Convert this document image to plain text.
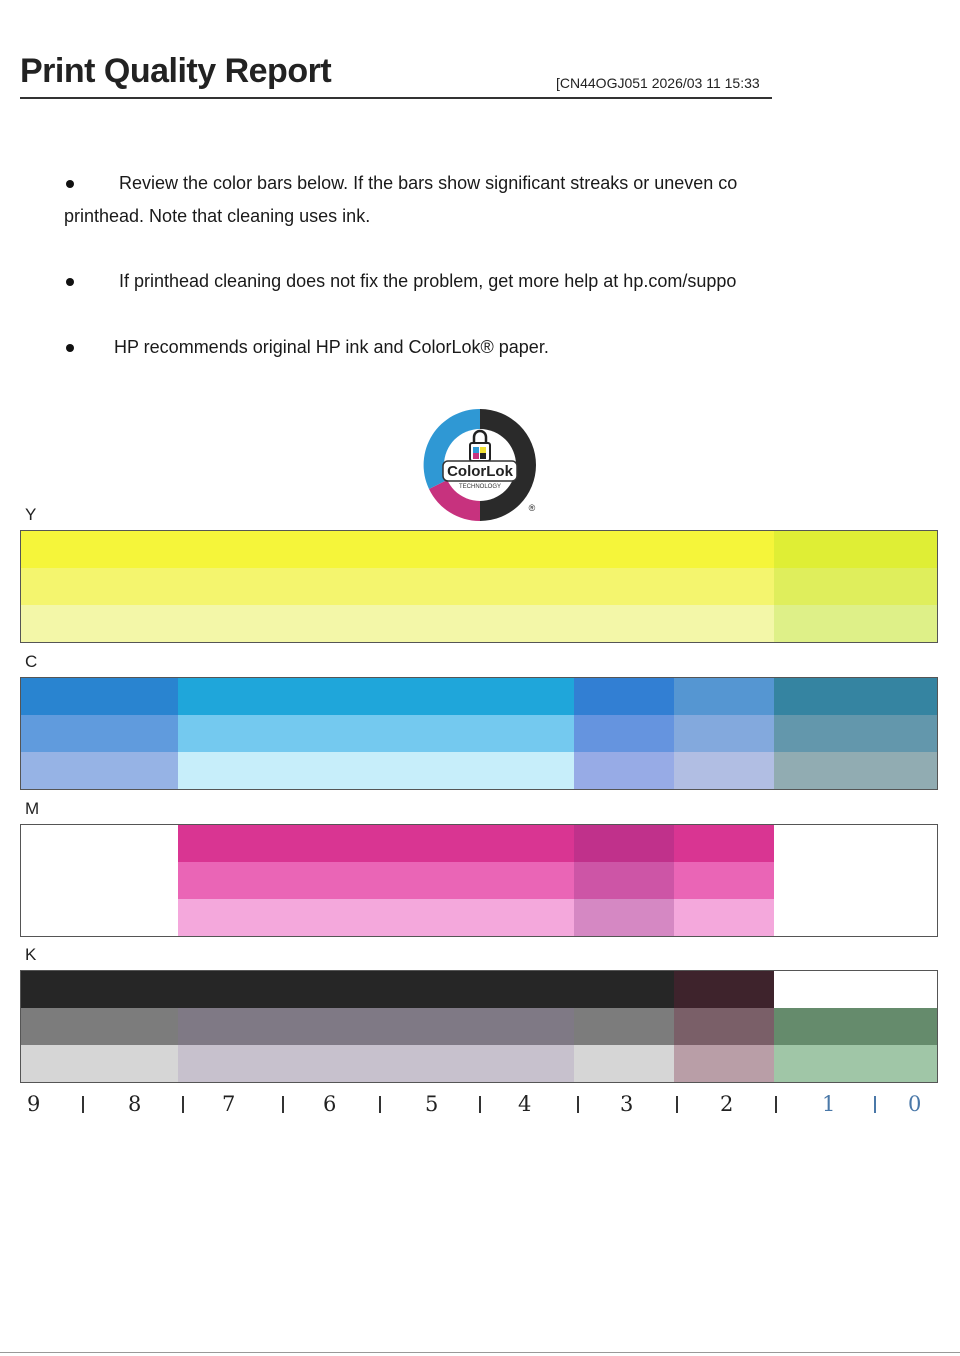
Print Quality Report	[CN44OGJ051 2026/03 11 15:33
Review the color bars below. If the bars show significant streaks or uneven co
printhead. Note that cleaning uses ink.
If printhead cleaning does not fix the problem, get more help at hp.com/suppo
HP recommends original HP ink and ColorLok® paper.
ColorLok
TECHNOLOGY
®
Y
C
M
K
9	8	7	6	5	4	3	2	1	0
